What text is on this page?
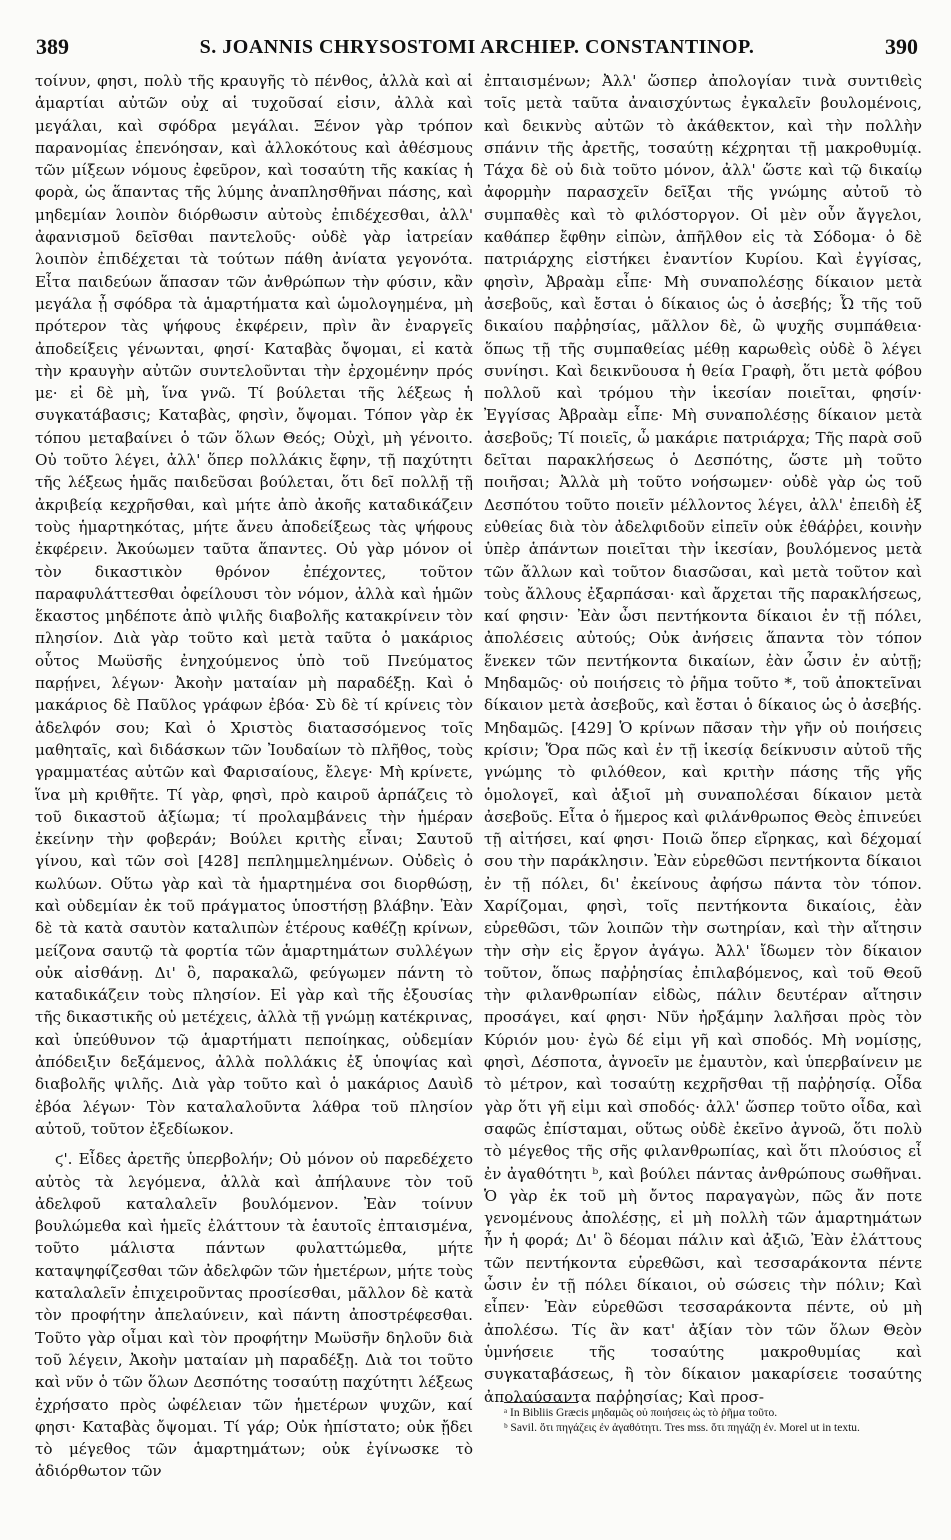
389	S. JOANNIS CHRYSOSTOMI ARCHIEP. CONSTANTINOP.	390

τοίνυν, φησι, πολὺ τῆς κραυγῆς τὸ πένθος, ἀλλὰ καὶ αἱ ἁμαρτίαι αὐτῶν οὐχ αἱ τυχοῦσαί εἰσιν, ἀλλὰ καὶ μεγάλαι, καὶ σφόδρα μεγάλαι. Ξένον γὰρ τρόπον παρανομίας ἐπενόησαν, καὶ ἀλλοκότους καὶ ἀθέσμους τῶν μίξεων νόμους ἐφεῦρον, καὶ τοσαύτη τῆς κακίας ἡ φορὰ, ὡς ἅπαντας τῆς λύμης ἀναπλησθῆναι πάσης, καὶ μηδεμίαν λοιπὸν διόρθωσιν αὐτοὺς ἐπιδέχεσθαι, ἀλλ' ἀφανισμοῦ δεῖσθαι παντελοῦς· οὐδὲ γὰρ ἰατρείαν λοιπὸν ἐπιδέχεται τὰ τούτων πάθη ἀνίατα γεγονότα. Εἶτα παιδεύων ἅπασαν τῶν ἀνθρώπων τὴν φύσιν, κἂν μεγάλα ᾖ σφόδρα τὰ ἁμαρτήματα καὶ ὡμολογημένα, μὴ πρότερον τὰς ψήφους ἐκφέρειν, πρὶν ἂν ἐναργεῖς ἀποδείξεις γένωνται, φησί· Καταβὰς ὄψομαι, εἰ κατὰ τὴν κραυγὴν αὐτῶν συντελοῦνται τὴν ἐρχομένην πρός με· εἰ δὲ μὴ, ἵνα γνῶ. Τί βούλεται τῆς λέξεως ἡ συγκατάβασις; Καταβὰς, φησὶν, ὄψομαι. Τόπον γὰρ ἐκ τόπου μεταβαίνει ὁ τῶν ὅλων Θεός; Οὐχὶ, μὴ γένοιτο. Οὐ τοῦτο λέγει, ἀλλ' ὅπερ πολλάκις ἔφην, τῇ παχύτητι τῆς λέξεως ἡμᾶς παιδεῦσαι βούλεται, ὅτι δεῖ πολλῇ τῇ ἀκριβείᾳ κεχρῆσθαι, καὶ μήτε ἀπὸ ἀκοῆς καταδικάζειν τοὺς ἡμαρτηκότας, μήτε ἄνευ ἀποδείξεως τὰς ψήφους ἐκφέρειν. Ἀκούωμεν ταῦτα ἅπαντες. Οὐ γὰρ μόνον οἱ τὸν δικαστικὸν θρόνον ἐπέχοντες, τοῦτον παραφυλάττεσθαι ὀφείλουσι τὸν νόμον, ἀλλὰ καὶ ἡμῶν ἕκαστος μηδέποτε ἀπὸ ψιλῆς διαβολῆς κατακρίνειν τὸν πλησίον. Διὰ γὰρ τοῦτο καὶ μετὰ ταῦτα ὁ μακάριος οὗτος Μωϋσῆς ἐνηχούμενος ὑπὸ τοῦ Πνεύματος παρῄνει, λέγων· Ἀκοὴν ματαίαν μὴ παραδέξῃ. Καὶ ὁ μακάριος δὲ Παῦλος γράφων ἐβόα· Σὺ δὲ τί κρίνεις τὸν ἀδελφόν σου; Καὶ ὁ Χριστὸς διατασσόμενος τοῖς μαθηταῖς, καὶ διδάσκων τῶν Ἰουδαίων τὸ πλῆθος, τοὺς γραμματέας αὐτῶν καὶ Φαρισαίους, ἔλεγε· Μὴ κρίνετε, ἵνα μὴ κριθῆτε. Τί γὰρ, φησὶ, πρὸ καιροῦ ἁρπάζεις τὸ τοῦ δικαστοῦ ἀξίωμα; τί προλαμβάνεις τὴν ἡμέραν ἐκείνην τὴν φοβεράν; Βούλει κριτὴς εἶναι; Σαυτοῦ γίνου, καὶ τῶν σοὶ [428] πεπλημμελημένων. Οὐδεὶς ὁ κωλύων. Οὕτω γὰρ καὶ τὰ ἡμαρτημένα σοι διορθώσῃ, καὶ οὐδεμίαν ἐκ τοῦ πράγματος ὑποστήσῃ βλάβην. Ἐὰν δὲ τὰ κατὰ σαυτὸν καταλιπὼν ἑτέρους καθέζῃ κρίνων, μείζονα σαυτῷ τὰ φορτία τῶν ἁμαρτημάτων συλλέγων οὐκ αἰσθάνῃ. Δι' ὃ, παρακαλῶ, φεύγωμεν πάντη τὸ καταδικάζειν τοὺς πλησίον. Εἰ γὰρ καὶ τῆς ἐξουσίας τῆς δικαστικῆς οὐ μετέχεις, ἀλλὰ τῇ γνώμῃ κατέκρινας, καὶ ὑπεύθυνον τῷ ἁμαρτήματι πεποίηκας, οὐδεμίαν ἀπόδειξιν δεξάμενος, ἀλλὰ πολλάκις ἐξ ὑποψίας καὶ διαβολῆς ψιλῆς. Διὰ γὰρ τοῦτο καὶ ὁ μακάριος Δαυὶδ ἐβόα λέγων· Τὸν καταλαλοῦντα λάθρα τοῦ πλησίον αὐτοῦ, τοῦτον ἐξεδίωκον.

ϛ'. Εἶδες ἀρετῆς ὑπερβολήν; Οὐ μόνον οὐ παρεδέχετο αὐτὸς τὰ λεγόμενα, ἀλλὰ καὶ ἀπήλαυνε τὸν τοῦ ἀδελφοῦ καταλαλεῖν βουλόμενον. Ἐὰν τοίνυν βουλώμεθα καὶ ἡμεῖς ἐλάττουν τὰ ἑαυτοῖς ἐπταισμένα, τοῦτο μάλιστα πάντων φυλαττώμεθα, μήτε καταψηφίζεσθαι τῶν ἀδελφῶν τῶν ἡμετέρων, μήτε τοὺς καταλαλεῖν ἐπιχειροῦντας προσίεσθαι, μᾶλλον δὲ κατὰ τὸν προφήτην ἀπελαύνειν, καὶ πάντη ἀποστρέφεσθαι. Τοῦτο γὰρ οἶμαι καὶ τὸν προφήτην Μωϋσῆν δηλοῦν διὰ τοῦ λέγειν, Ἀκοὴν ματαίαν μὴ παραδέξῃ. Διὰ τοι τοῦτο καὶ νῦν ὁ τῶν ὅλων Δεσπότης τοσαύτῃ παχύτητι λέξεως ἐχρήσατο πρὸς ὠφέλειαν τῶν ἡμετέρων ψυχῶν, καί φησι· Καταβὰς ὄψομαι. Τί γάρ; Οὐκ ἠπίστατο; οὐκ ᾔδει τὸ μέγεθος τῶν ἁμαρτημάτων; οὐκ ἐγίνωσκε τὸ ἀδιόρθωτον τῶν

ἐπταισμένων; Ἀλλ' ὥσπερ ἀπολογίαν τινὰ συντιθεὶς τοῖς μετὰ ταῦτα ἀναισχύντως ἐγκαλεῖν βουλομένοις, καὶ δεικνὺς αὐτῶν τὸ ἀκάθεκτον, καὶ τὴν πολλὴν σπάνιν τῆς ἀρετῆς, τοσαύτῃ κέχρηται τῇ μακροθυμίᾳ. Τάχα δὲ οὐ διὰ τοῦτο μόνον, ἀλλ' ὥστε καὶ τῷ δικαίῳ ἀφορμὴν παρασχεῖν δεῖξαι τῆς γνώμης αὐτοῦ τὸ συμπαθὲς καὶ τὸ φιλόστοργον. Οἱ μὲν οὖν ἄγγελοι, καθάπερ ἔφθην εἰπὼν, ἀπῆλθον εἰς τὰ Σόδομα· ὁ δὲ πατριάρχης εἱστήκει ἐναντίον Κυρίου. Καὶ ἐγγίσας, φησὶν, Ἀβραὰμ εἶπε· Μὴ συναπολέσῃς δίκαιον μετὰ ἀσεβοῦς, καὶ ἔσται ὁ δίκαιος ὡς ὁ ἀσεβής; Ὦ τῆς τοῦ δικαίου παῤῥησίας, μᾶλλον δὲ, ὢ ψυχῆς συμπάθεια· ὅπως τῇ τῆς συμπαθείας μέθῃ καρωθεὶς οὐδὲ ὃ λέγει συνίησι. Καὶ δεικνῦουσα ἡ θεία Γραφὴ, ὅτι μετὰ φόβου πολλοῦ καὶ τρόμου τὴν ἱκεσίαν ποιεῖται, φησίν· Ἐγγίσας Ἀβραὰμ εἶπε· Μὴ συναπολέσῃς δίκαιον μετὰ ἀσεβοῦς; Τί ποιεῖς, ὦ μακάριε πατριάρχα; Τῆς παρὰ σοῦ δεῖται παρακλήσεως ὁ Δεσπότης, ὥστε μὴ τοῦτο ποιῆσαι; Ἀλλὰ μὴ τοῦτο νοήσωμεν· οὐδὲ γὰρ ὡς τοῦ Δεσπότου τοῦτο ποιεῖν μέλλοντος λέγει, ἀλλ' ἐπειδὴ ἐξ εὐθείας διὰ τὸν ἀδελφιδοῦν εἰπεῖν οὐκ ἐθάῤῥει, κοινὴν ὑπὲρ ἁπάντων ποιεῖται τὴν ἱκεσίαν, βουλόμενος μετὰ τῶν ἄλλων καὶ τοῦτον διασῶσαι, καὶ μετὰ τοῦτον καὶ τοὺς ἄλλους ἐξαρπάσαι· καὶ ἄρχεται τῆς παρακλήσεως, καί φησιν· Ἐὰν ὦσι πεντήκοντα δίκαιοι ἐν τῇ πόλει, ἀπολέσεις αὐτούς; Οὐκ ἀνήσεις ἅπαντα τὸν τόπον ἕνεκεν τῶν πεντήκοντα δικαίων, ἐὰν ὦσιν ἐν αὐτῇ; Μηδαμῶς· οὐ ποιήσεις τὸ ῥῆμα τοῦτο *, τοῦ ἀποκτεῖναι δίκαιον μετὰ ἀσεβοῦς, καὶ ἔσται ὁ δίκαιος ὡς ὁ ἀσεβής. Μηδαμῶς. [429] Ὁ κρίνων πᾶσαν τὴν γῆν οὐ ποιήσεις κρίσιν; Ὅρα πῶς καὶ ἐν τῇ ἱκεσίᾳ δείκνυσιν αὐτοῦ τῆς γνώμης τὸ φιλόθεον, καὶ κριτὴν πάσης τῆς γῆς ὁμολογεῖ, καὶ ἀξιοῖ μὴ συναπολέσαι δίκαιον μετὰ ἀσεβοῦς. Εἶτα ὁ ἥμερος καὶ φιλάνθρωπος Θεὸς ἐπινεύει τῇ αἰτήσει, καί φησι· Ποιῶ ὅπερ εἴρηκας, καὶ δέχομαί σου τὴν παράκλησιν. Ἐὰν εὑρεθῶσι πεντήκοντα δίκαιοι ἐν τῇ πόλει, δι' ἐκείνους ἀφήσω πάντα τὸν τόπον. Χαρίζομαι, φησὶ, τοῖς πεντήκοντα δικαίοις, ἐὰν εὑρεθῶσι, τῶν λοιπῶν τὴν σωτηρίαν, καὶ τὴν αἴτησιν τὴν σὴν εἰς ἔργον ἀγάγω. Ἀλλ' ἴδωμεν τὸν δίκαιον τοῦτον, ὅπως παῤῥησίας ἐπιλαβόμενος, καὶ τοῦ Θεοῦ τὴν φιλανθρωπίαν εἰδὼς, πάλιν δευτέραν αἴτησιν προσάγει, καί φησι· Νῦν ἠρξάμην λαλῆσαι πρὸς τὸν Κύριόν μου· ἐγὼ δέ εἰμι γῆ καὶ σποδός. Μὴ νομίσῃς, φησὶ, Δέσποτα, ἀγνοεῖν με ἐμαυτὸν, καὶ ὑπερβαίνειν με τὸ μέτρον, καὶ τοσαύτῃ κεχρῆσθαι τῇ παῤῥησίᾳ. Οἶδα γὰρ ὅτι γῆ εἰμι καὶ σποδός· ἀλλ' ὥσπερ τοῦτο οἶδα, καὶ σαφῶς ἐπίσταμαι, οὕτως οὐδὲ ἐκεῖνο ἀγνοῶ, ὅτι πολὺ τὸ μέγεθος τῆς σῆς φιλανθρωπίας, καὶ ὅτι πλούσιος εἶ ἐν ἀγαθότητι ᵇ, καὶ βούλει πάντας ἀνθρώπους σωθῆναι. Ὁ γὰρ ἐκ τοῦ μὴ ὄντος παραγαγὼν, πῶς ἄν ποτε γενομένους ἀπολέσῃς, εἰ μὴ πολλὴ τῶν ἁμαρτημάτων ἦν ἡ φορά; Δι' ὃ δέομαι πάλιν καὶ ἀξιῶ, Ἐὰν ἐλάττους τῶν πεντήκοντα εὑρεθῶσι, καὶ τεσσαράκοντα πέντε ὦσιν ἐν τῇ πόλει δίκαιοι, οὐ σώσεις τὴν πόλιν; Καὶ εἶπεν· Ἐὰν εὑρεθῶσι τεσσαράκοντα πέντε, οὐ μὴ ἀπολέσω. Τίς ἂν κατ' ἀξίαν τὸν τῶν ὅλων Θεὸν ὑμνήσειε τῆς τοσαύτης μακροθυμίας καὶ συγκαταβάσεως, ἢ τὸν δίκαιον μακαρίσειε τοσαύτης ἀπολαύσαντα παῤῥησίας; Καὶ προσ-

ᵃ In Bibliis Græcis μηδαμῶς οὐ ποιήσεις ὡς τὸ ῥῆμα τοῦτο.
ᵇ Savil. ὅτι πηγάζεις ἐν ἀγαθότητι. Tres mss. ὅτι πηγάζη ἐν. Morel ut in textu.
